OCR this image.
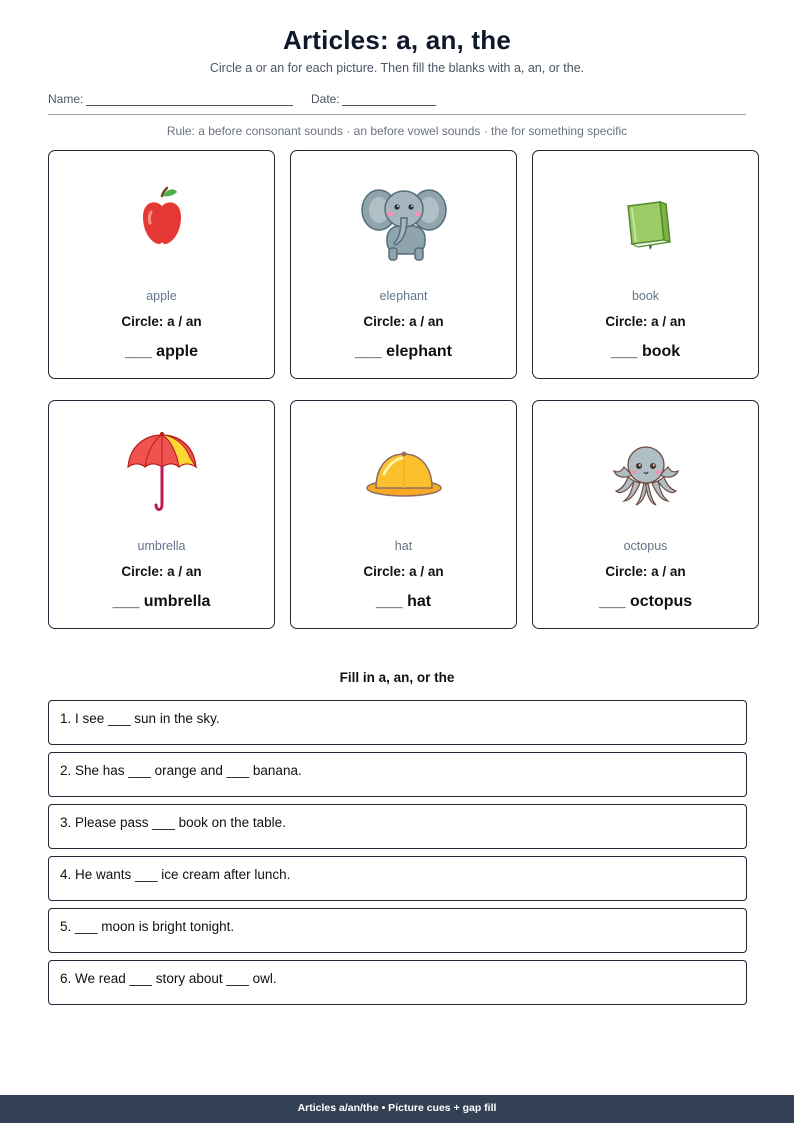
Articles: a, an, the
Circle a or an for each picture. Then fill the blanks with a, an, or the.
Name:	Date:
Rule: a before consonant sounds · an before vowel sounds · the for something specific
apple
Circle: a / an
___ apple
elephant
Circle: a / an
___ elephant
book
Circle: a / an
___ book
umbrella
Circle: a / an
___ umbrella
hat
Circle: a / an
___ hat
octopus
Circle: a / an
___ octopus
Fill in a, an, or the
1. I see ___ sun in the sky.
2. She has ___ orange and ___ banana.
3. Please pass ___ book on the table.
4. He wants ___ ice cream after lunch.
5. ___ moon is bright tonight.
6. We read ___ story about ___ owl.
Articles a/an/the • Picture cues + gap fill
